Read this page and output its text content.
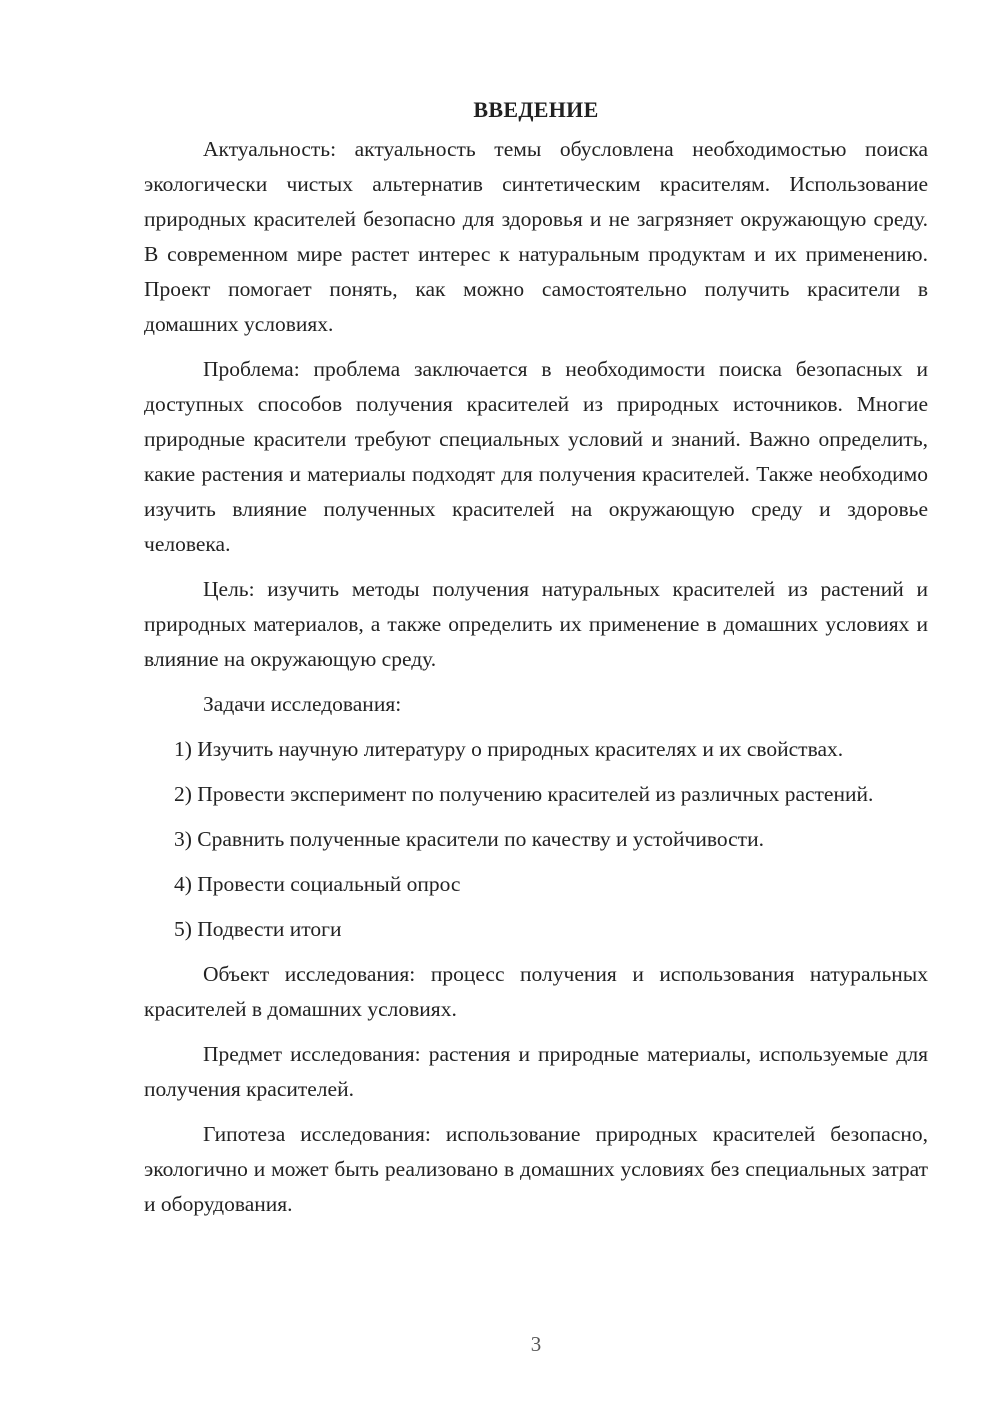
ВВЕДЕНИЕ

Актуальность: актуальность темы обусловлена необходимостью поиска экологически чистых альтернатив синтетическим красителям. Использование природных красителей безопасно для здоровья и не загрязняет окружающую среду. В современном мире растет интерес к натуральным продуктам и их применению. Проект помогает понять, как можно самостоятельно получить красители в домашних условиях.

Проблема: проблема заключается в необходимости поиска безопасных и доступных способов получения красителей из природных источников. Многие природные красители требуют специальных условий и знаний. Важно определить, какие растения и материалы подходят для получения красителей. Также необходимо изучить влияние полученных красителей на окружающую среду и здоровье человека.

Цель: изучить методы получения натуральных красителей из растений и природных материалов, а также определить их применение в домашних условиях и влияние на окружающую среду.

Задачи исследования:

1) Изучить научную литературу о природных красителях и их свойствах.

2) Провести эксперимент по получению красителей из различных растений.

3) Сравнить полученные красители по качеству и устойчивости.

4) Провести социальный опрос

5) Подвести итоги

Объект исследования: процесс получения и использования натуральных красителей в домашних условиях.

Предмет исследования: растения и природные материалы, используемые для получения красителей.

Гипотеза исследования: использование природных красителей безопасно, экологично и может быть реализовано в домашних условиях без специальных затрат и оборудования.

3
